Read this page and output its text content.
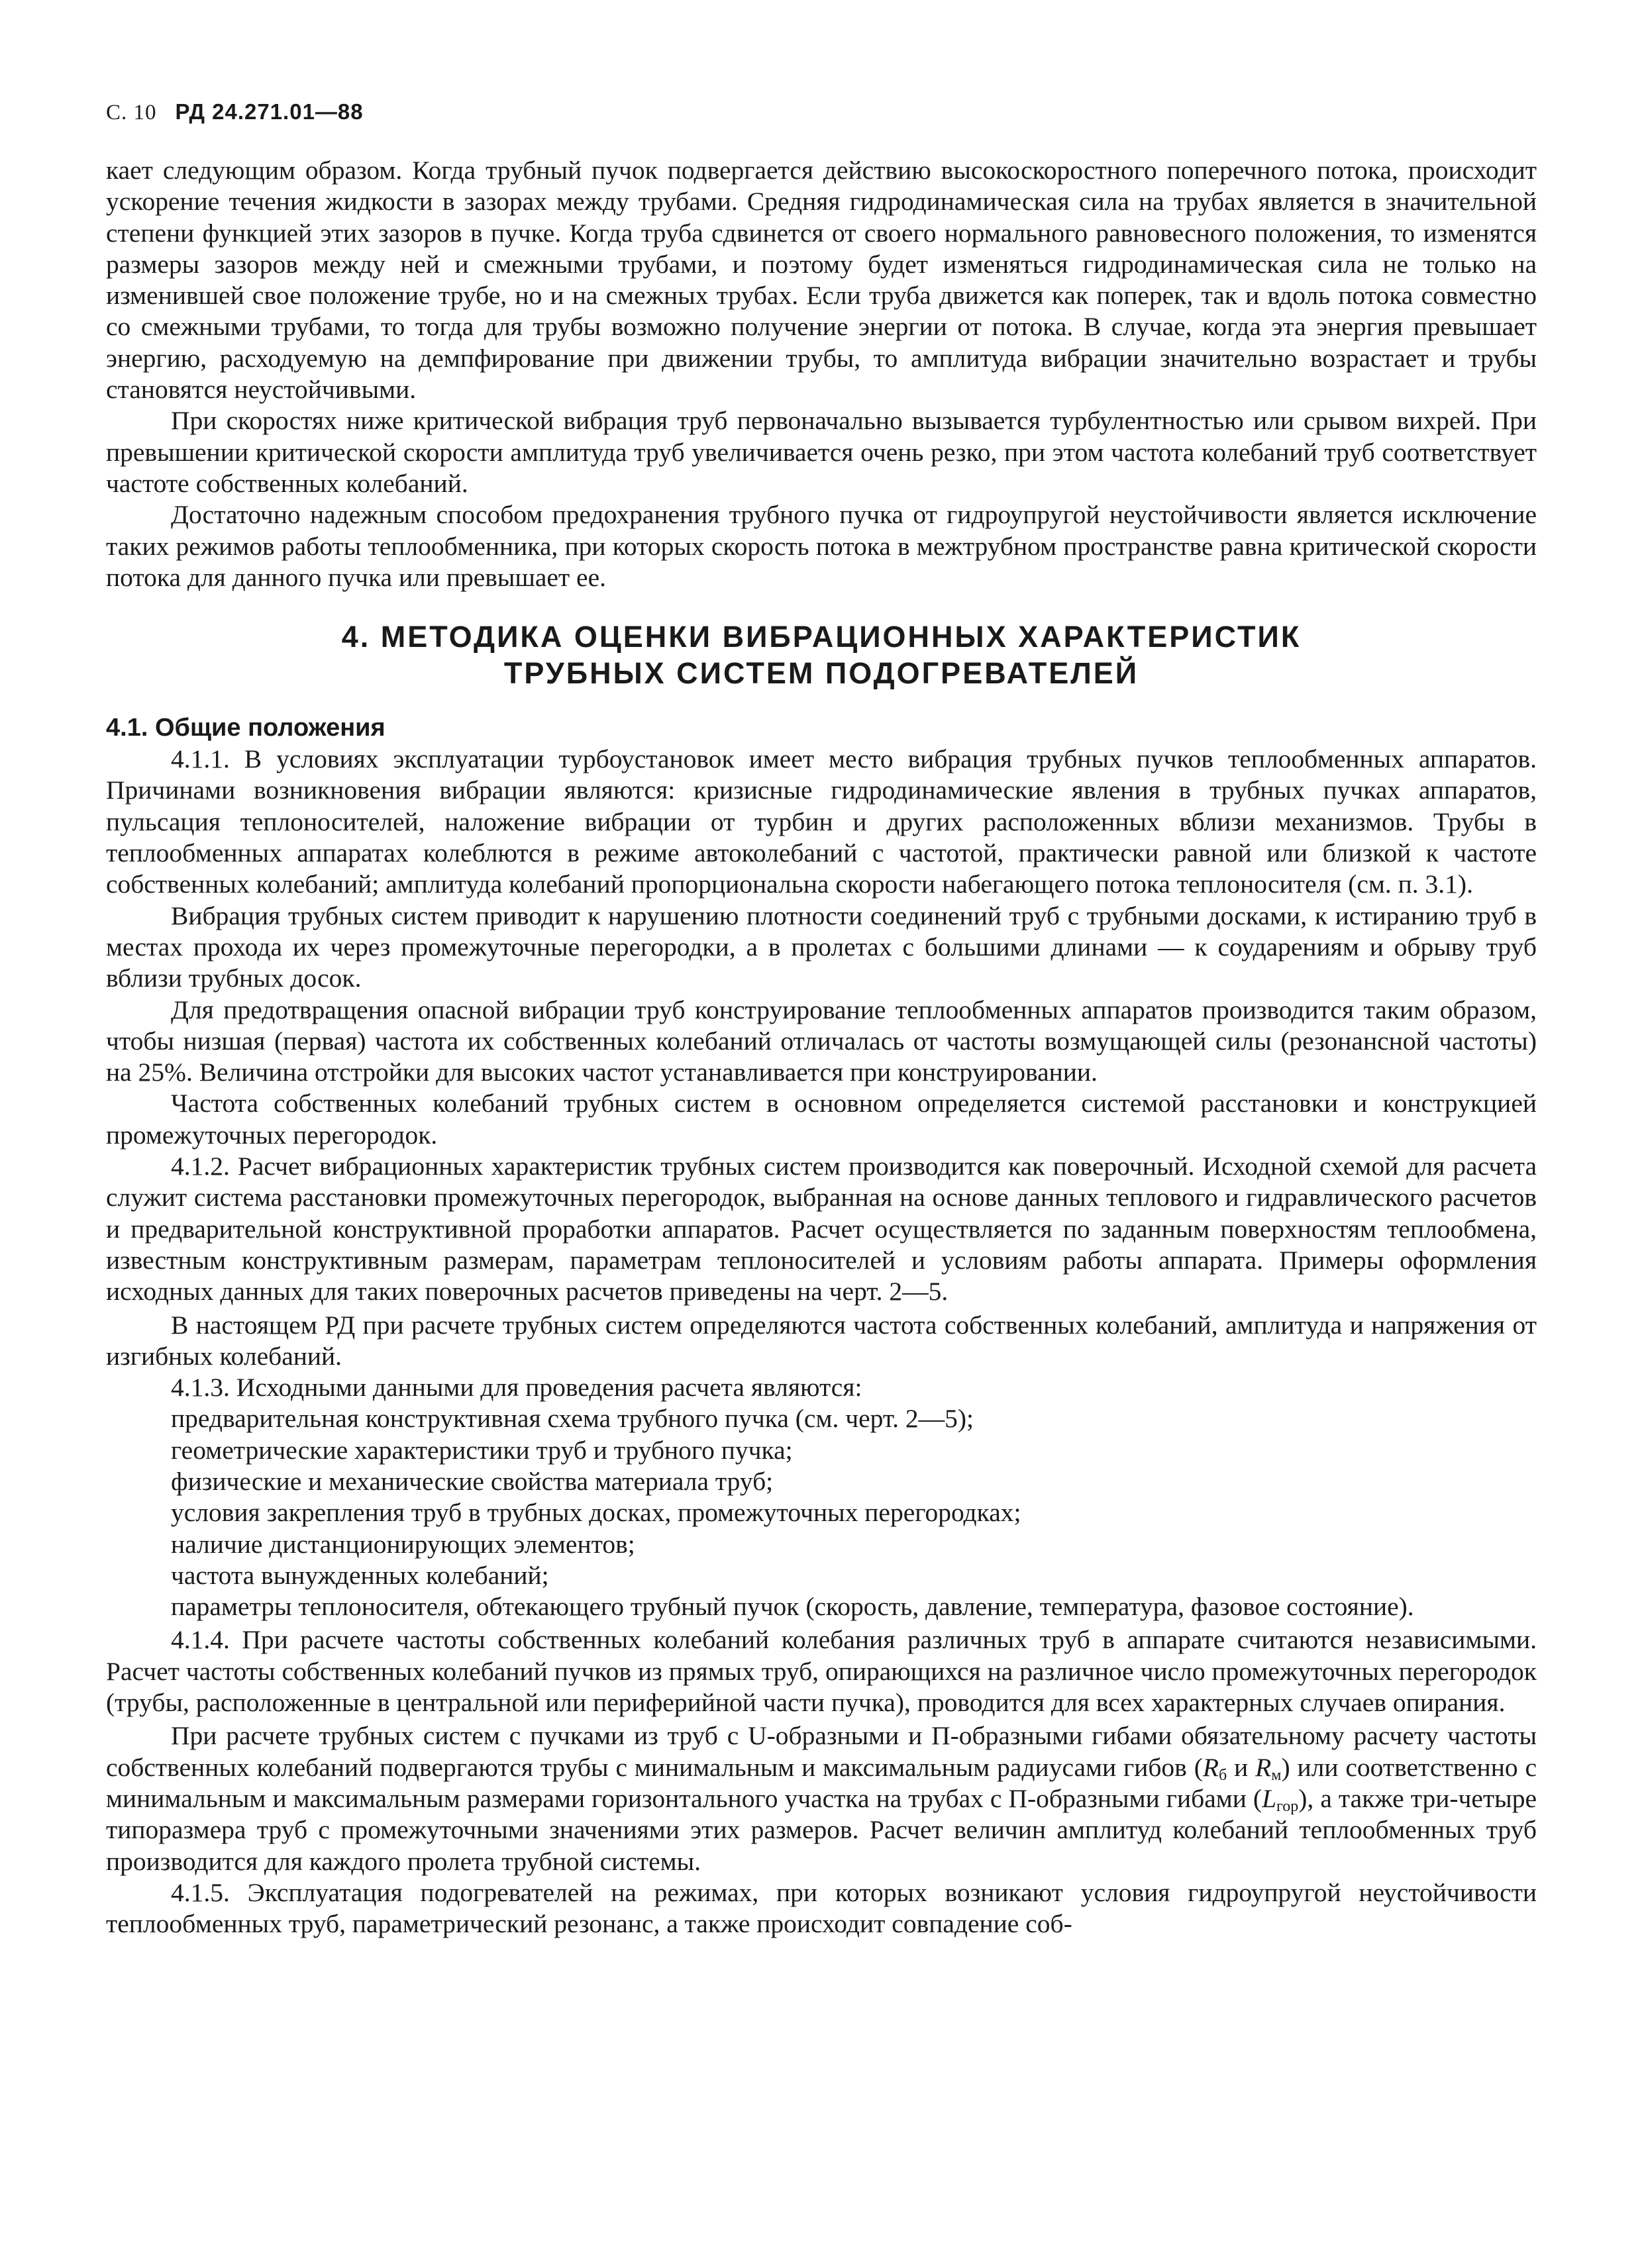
С. 10 РД 24.271.01—88

кает следующим образом. Когда трубный пучок подвергается действию высокоскоростного поперечного потока, происходит ускорение течения жидкости в зазорах между трубами. Средняя гидродинамическая сила на трубах является в значительной степени функцией этих зазоров в пучке. Когда труба сдвинется от своего нормального равновесного положения, то изменятся размеры зазоров между ней и смежными трубами, и поэтому будет изменяться гидродинамическая сила не только на изменившей свое положение трубе, но и на смежных трубах. Если труба движется как поперек, так и вдоль потока совместно со смежными трубами, то тогда для трубы возможно получение энергии от потока. В случае, когда эта энергия превышает энергию, расходуемую на демпфирование при движении трубы, то амплитуда вибрации значительно возрастает и трубы становятся неустойчивыми.

При скоростях ниже критической вибрация труб первоначально вызывается турбулентностью или срывом вихрей. При превышении критической скорости амплитуда труб увеличивается очень резко, при этом частота колебаний труб соответствует частоте собственных колебаний.

Достаточно надежным способом предохранения трубного пучка от гидроупругой неустойчивости является исключение таких режимов работы теплообменника, при которых скорость потока в межтрубном пространстве равна критической скорости потока для данного пучка или превышает ее.

4. МЕТОДИКА ОЦЕНКИ ВИБРАЦИОННЫХ ХАРАКТЕРИСТИК
ТРУБНЫХ СИСТЕМ ПОДОГРЕВАТЕЛЕЙ
4.1. Общие положения

4.1.1. В условиях эксплуатации турбоустановок имеет место вибрация трубных пучков теплообменных аппаратов. Причинами возникновения вибрации являются: кризисные гидродинамические явления в трубных пучках аппаратов, пульсация теплоносителей, наложение вибрации от турбин и других расположенных вблизи механизмов. Трубы в теплообменных аппаратах колеблются в режиме автоколебаний с частотой, практически равной или близкой к частоте собственных колебаний; амплитуда колебаний пропорциональна скорости набегающего потока теплоносителя (см. п. 3.1).

Вибрация трубных систем приводит к нарушению плотности соединений труб с трубными досками, к истиранию труб в местах прохода их через промежуточные перегородки, а в пролетах с большими длинами — к соударениям и обрыву труб вблизи трубных досок.

Для предотвращения опасной вибрации труб конструирование теплообменных аппаратов производится таким образом, чтобы низшая (первая) частота их собственных колебаний отличалась от частоты возмущающей силы (резонансной частоты) на 25%. Величина отстройки для высоких частот устанавливается при конструировании.

Частота собственных колебаний трубных систем в основном определяется системой расстановки и конструкцией промежуточных перегородок.

4.1.2. Расчет вибрационных характеристик трубных систем производится как поверочный. Исходной схемой для расчета служит система расстановки промежуточных перегородок, выбранная на основе данных теплового и гидравлического расчетов и предварительной конструктивной проработки аппаратов. Расчет осуществляется по заданным поверхностям теплообмена, известным конструктивным размерам, параметрам теплоносителей и условиям работы аппарата. Примеры оформления исходных данных для таких поверочных расчетов приведены на черт. 2—5.

В настоящем РД при расчете трубных систем определяются частота собственных колебаний, амплитуда и напряжения от изгибных колебаний.

4.1.3. Исходными данными для проведения расчета являются:

предварительная конструктивная схема трубного пучка (см. черт. 2—5);

геометрические характеристики труб и трубного пучка;

физические и механические свойства материала труб;

условия закрепления труб в трубных досках, промежуточных перегородках;

наличие дистанционирующих элементов;

частота вынужденных колебаний;

параметры теплоносителя, обтекающего трубный пучок (скорость, давление, температура, фазовое состояние).

4.1.4. При расчете частоты собственных колебаний колебания различных труб в аппарате считаются независимыми. Расчет частоты собственных колебаний пучков из прямых труб, опирающихся на различное число промежуточных перегородок (трубы, расположенные в центральной или периферийной части пучка), проводится для всех характерных случаев опирания.

При расчете трубных систем с пучками из труб с U-образными и П-образными гибами обязательному расчету частоты собственных колебаний подвергаются трубы с минимальным и максимальным радиусами гибов ($R_б$ и $R_м$) или соответственно с минимальным и максимальным размерами горизонтального участка на трубах с П-образными гибами $(L_{гор})$, а также три-четыре типоразмера труб с промежуточными значениями этих размеров. Расчет величин амплитуд колебаний теплообменных труб производится для каждого пролета трубной системы.

4.1.5. Эксплуатация подогревателей на режимах, при которых возникают условия гидроупругой неустойчивости теплообменных труб, параметрический резонанс, а также происходит совпадение соб-
